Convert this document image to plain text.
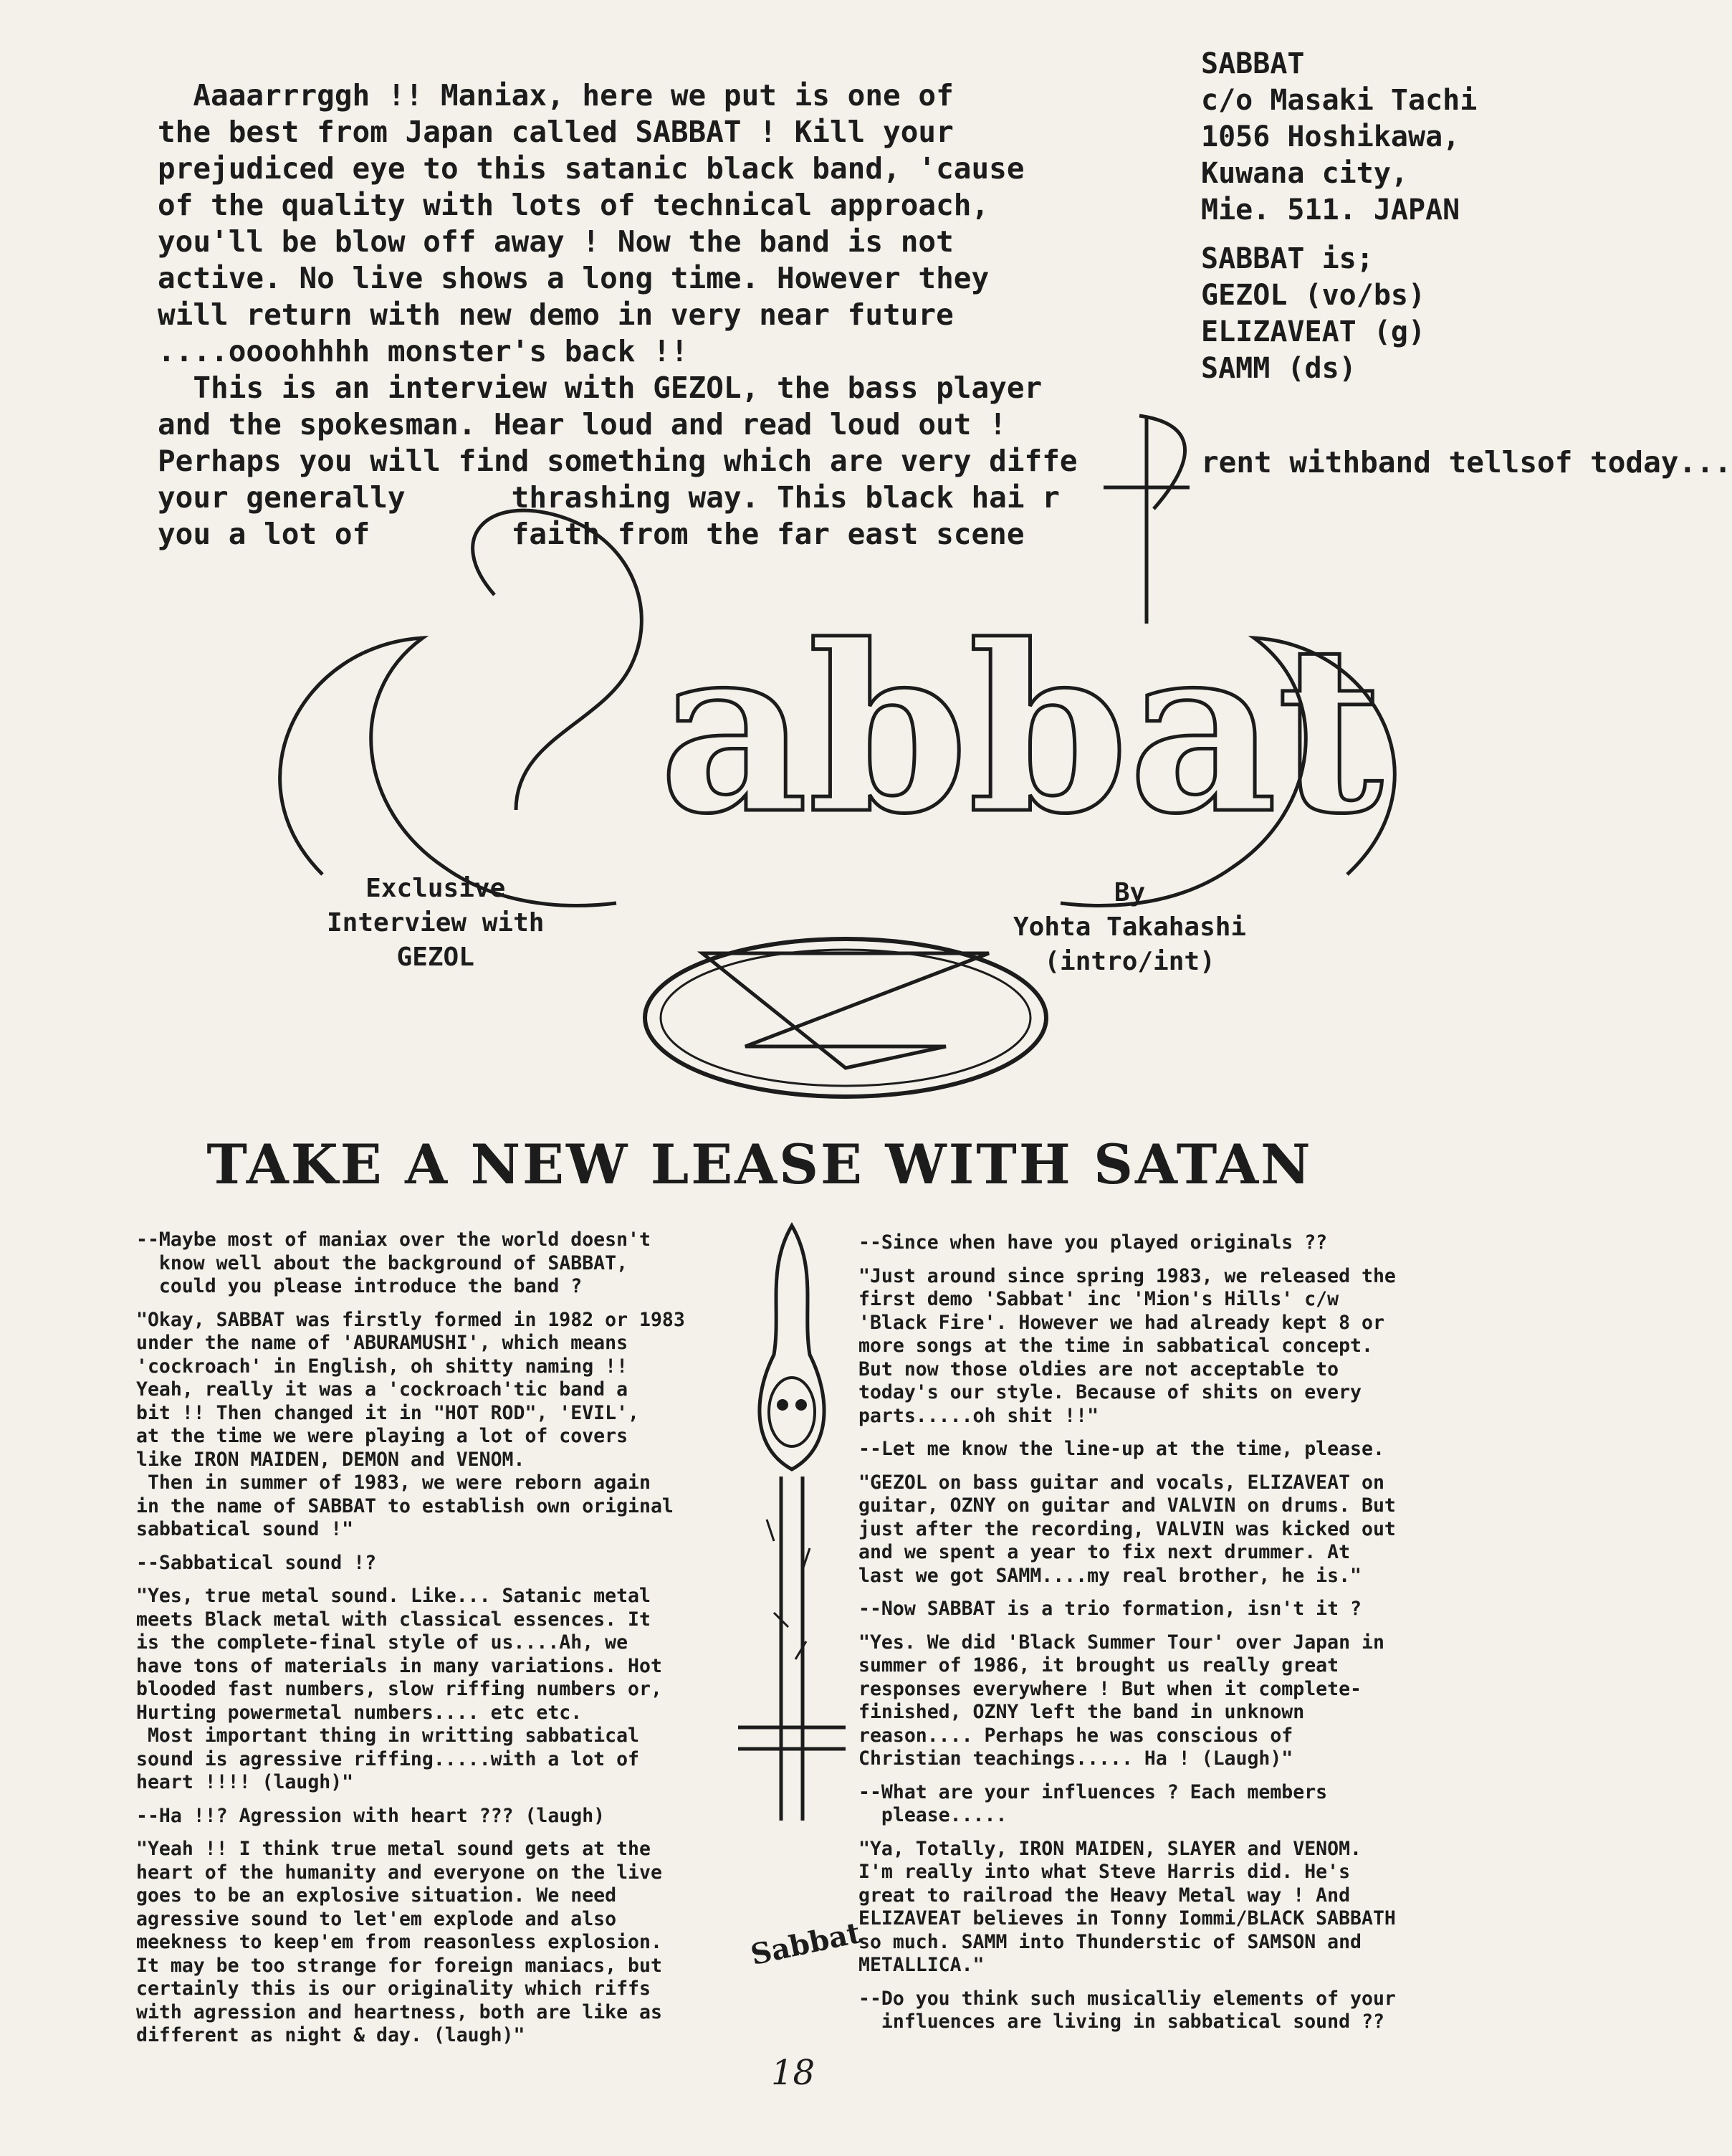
Aaaarrrggh !! Maniax, here we put is one of
the best from Japan called SABBAT ! Kill your
prejudiced eye to this satanic black band, 'cause
of the quality with lots of technical approach,
you'll be blow off away ! Now the band is not
active. No live shows a long time. However they
will return with new demo in very near future
....oooohhhh monster's back !!
This is an interview with GEZOL, the bass player
and the spokesman. Hear loud and read loud out !
Perhaps you will find something which are very diffe
your generally      thrashing way. This black hai r
you a lot of        faith from the far east scene
SABBAT
c/o Masaki Tachi
1056 Hoshikawa,
Kuwana city,
Mie. 511. JAPAN
SABBAT is;
GEZOL (vo/bs)
ELIZAVEAT (g)
SAMM (ds)
rent withband tellsof today...
abbat
Exclusive
Interview with
GEZOL
By
Yohta Takahashi
(intro/int)
TAKE A NEW LEASE WITH SATAN
Sabbat

--Maybe most of maniax over the world doesn't
know well about the background of SABBAT,
could you please introduce the band ?

"Okay, SABBAT was firstly formed in 1982 or 1983
under the name of 'ABURAMUSHI', which means
'cockroach' in English, oh shitty naming !!
Yeah, really it was a 'cockroach'tic band a
bit !! Then changed it in "HOT ROD", 'EVIL',
at the time we were playing a lot of covers
like IRON MAIDEN, DEMON and VENOM.
Then in summer of 1983, we were reborn again
in the name of SABBAT to establish own original
sabbatical sound !"

--Sabbatical sound !?

"Yes, true metal sound. Like... Satanic metal
meets Black metal with classical essences. It
is the complete-final style of us....Ah, we
have tons of materials in many variations. Hot
blooded fast numbers, slow riffing numbers or,
Hurting powermetal numbers.... etc etc.
Most important thing in writting sabbatical
sound is agressive riffing.....with a lot of
heart !!!! (laugh)"

--Ha !!? Agression with heart ??? (laugh)

"Yeah !! I think true metal sound gets at the
heart of the humanity and everyone on the live
goes to be an explosive situation. We need
agressive sound to let'em explode and also
meekness to keep'em from reasonless explosion.
It may be too strange for foreign maniacs, but
certainly this is our originality which riffs
with agression and heartness, both are like as
different as night & day. (laugh)"

--Since when have you played originals ??

"Just around since spring 1983, we released the
first demo 'Sabbat' inc 'Mion's Hills' c/w
'Black Fire'. However we had already kept 8 or
more songs at the time in sabbatical concept.
But now those oldies are not acceptable to
today's our style. Because of shits on every
parts.....oh shit !!"

--Let me know the line-up at the time, please.

"GEZOL on bass guitar and vocals, ELIZAVEAT on
guitar, OZNY on guitar and VALVIN on drums. But
just after the recording, VALVIN was kicked out
and we spent a year to fix next drummer. At
last we got SAMM....my real brother, he is."

--Now SABBAT is a trio formation, isn't it ?

"Yes. We did 'Black Summer Tour' over Japan in
summer of 1986, it brought us really great
responses everywhere ! But when it complete-
finished, OZNY left the band in unknown
reason.... Perhaps he was conscious of
Christian teachings..... Ha ! (Laugh)"

--What are your influences ? Each members
please.....

"Ya, Totally, IRON MAIDEN, SLAYER and VENOM.
I'm really into what Steve Harris did. He's
great to railroad the Heavy Metal way ! And
ELIZAVEAT believes in Tonny Iommi/BLACK SABBATH
so much. SAMM into Thunderstic of SAMSON and
METALLICA."

--Do you think such musicalliy elements of your
influences are living in sabbatical sound ??

18
